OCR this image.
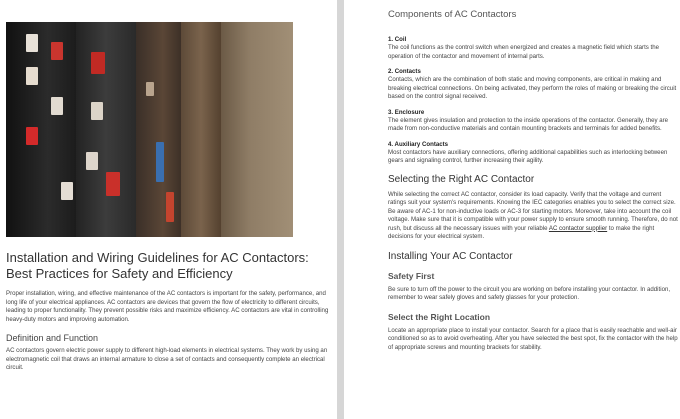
Installation and Wiring Guidelines for AC Contactors: Best Practices for Safety and Efficiency

Proper installation, wiring, and effective maintenance of the AC contactors is important for the safety, performance, and long life of your electrical appliances. AC contactors are devices that govern the flow of electricity to different circuits, leading to proper functionality. They prevent possible risks and maximize efficiency. AC contactors are vital in controlling heavy-duty motors and improving automation.

Definition and Function

AC contactors govern electric power supply to different high-load elements in electrical systems. They work by using an electromagnetic coil that draws an internal armature to close a set of contacts and consequently complete an electrical circuit.

Components of AC Contactors
1. Coil

The coil functions as the control switch when energized and creates a magnetic field which starts the operation of the contactor and movement of internal parts.

2. Contacts

Contacts, which are the combination of both static and moving components, are critical in making and breaking electrical connections. On being activated, they perform the roles of making or breaking the circuit based on the control signal received.

3. Enclosure

The element gives insulation and protection to the inside operations of the contactor. Generally, they are made from non-conductive materials and contain mounting brackets and terminals for added benefits.

4. Auxiliary Contacts

Most contactors have auxiliary connections, offering additional capabilities such as interlocking between gears and signaling control, further increasing their agility.

Selecting the Right AC Contactor

While selecting the correct AC contactor, consider its load capacity. Verify that the voltage and current ratings suit your system's requirements. Knowing the IEC categories enables you to select the correct size. Be aware of AC-1 for non-inductive loads or AC-3 for starting motors. Moreover, take into account the coil voltage. Make sure that it is compatible with your power supply to ensure smooth running. Therefore, do not rush, but discuss all the necessary issues with your reliable AC contactor supplier to make the right decisions for your electrical system.

Installing Your AC Contactor
Safety First

Be sure to turn off the power to the circuit you are working on before installing your contactor. In addition, remember to wear safely gloves and safety glasses for your protection.

Select the Right Location

Locate an appropriate place to install your contactor. Search for a place that is easily reachable and well-air conditioned so as to avoid overheating. After you have selected the best spot, fix the contactor with the help of appropriate screws and mounting brackets for stability.
